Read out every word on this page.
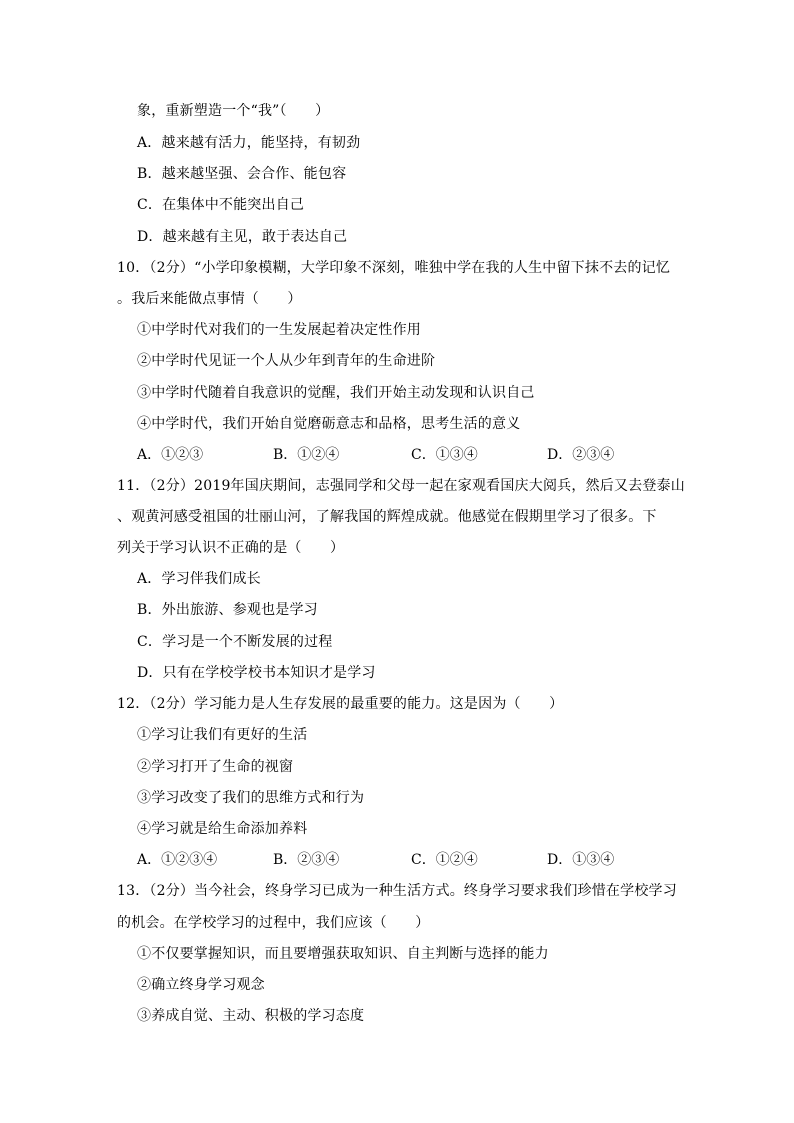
象，重新塑造一个“我”（　　）
A．越来越有活力，能坚持，有韧劲
B．越来越坚强、会合作、能包容
C．在集体中不能突出自己
D．越来越有主见，敢于表达自己
10．（2分）“小学印象模糊，大学印象不深刻，唯独中学在我的人生中留下抹不去的记忆
。我后来能做点事情（　　）
①中学时代对我们的一生发展起着决定性作用
②中学时代见证一个人从少年到青年的生命进阶
③中学时代随着自我意识的觉醒，我们开始主动发现和认识自己
④中学时代，我们开始自觉磨砺意志和品格，思考生活的意义
A．①②③	B．①②④	C．①③④	D．②③④
11．（2分）2019年国庆期间，志强同学和父母一起在家观看国庆大阅兵，然后又去登泰山
、观黄河感受祖国的壮丽山河，了解我国的辉煌成就。他感觉在假期里学习了很多。下
列关于学习认识不正确的是（　　）
A．学习伴我们成长
B．外出旅游、参观也是学习
C．学习是一个不断发展的过程
D．只有在学校学校书本知识才是学习
12．（2分）学习能力是人生存发展的最重要的能力。这是因为（　　）
①学习让我们有更好的生活
②学习打开了生命的视窗
③学习改变了我们的思维方式和行为
④学习就是给生命添加养料
A．①②③④	B．②③④	C．①②④	D．①③④
13．（2分）当今社会，终身学习已成为一种生活方式。终身学习要求我们珍惜在学校学习
的机会。在学校学习的过程中，我们应该（　　）
①不仅要掌握知识，而且要增强获取知识、自主判断与选择的能力
②确立终身学习观念
③养成自觉、主动、积极的学习态度
